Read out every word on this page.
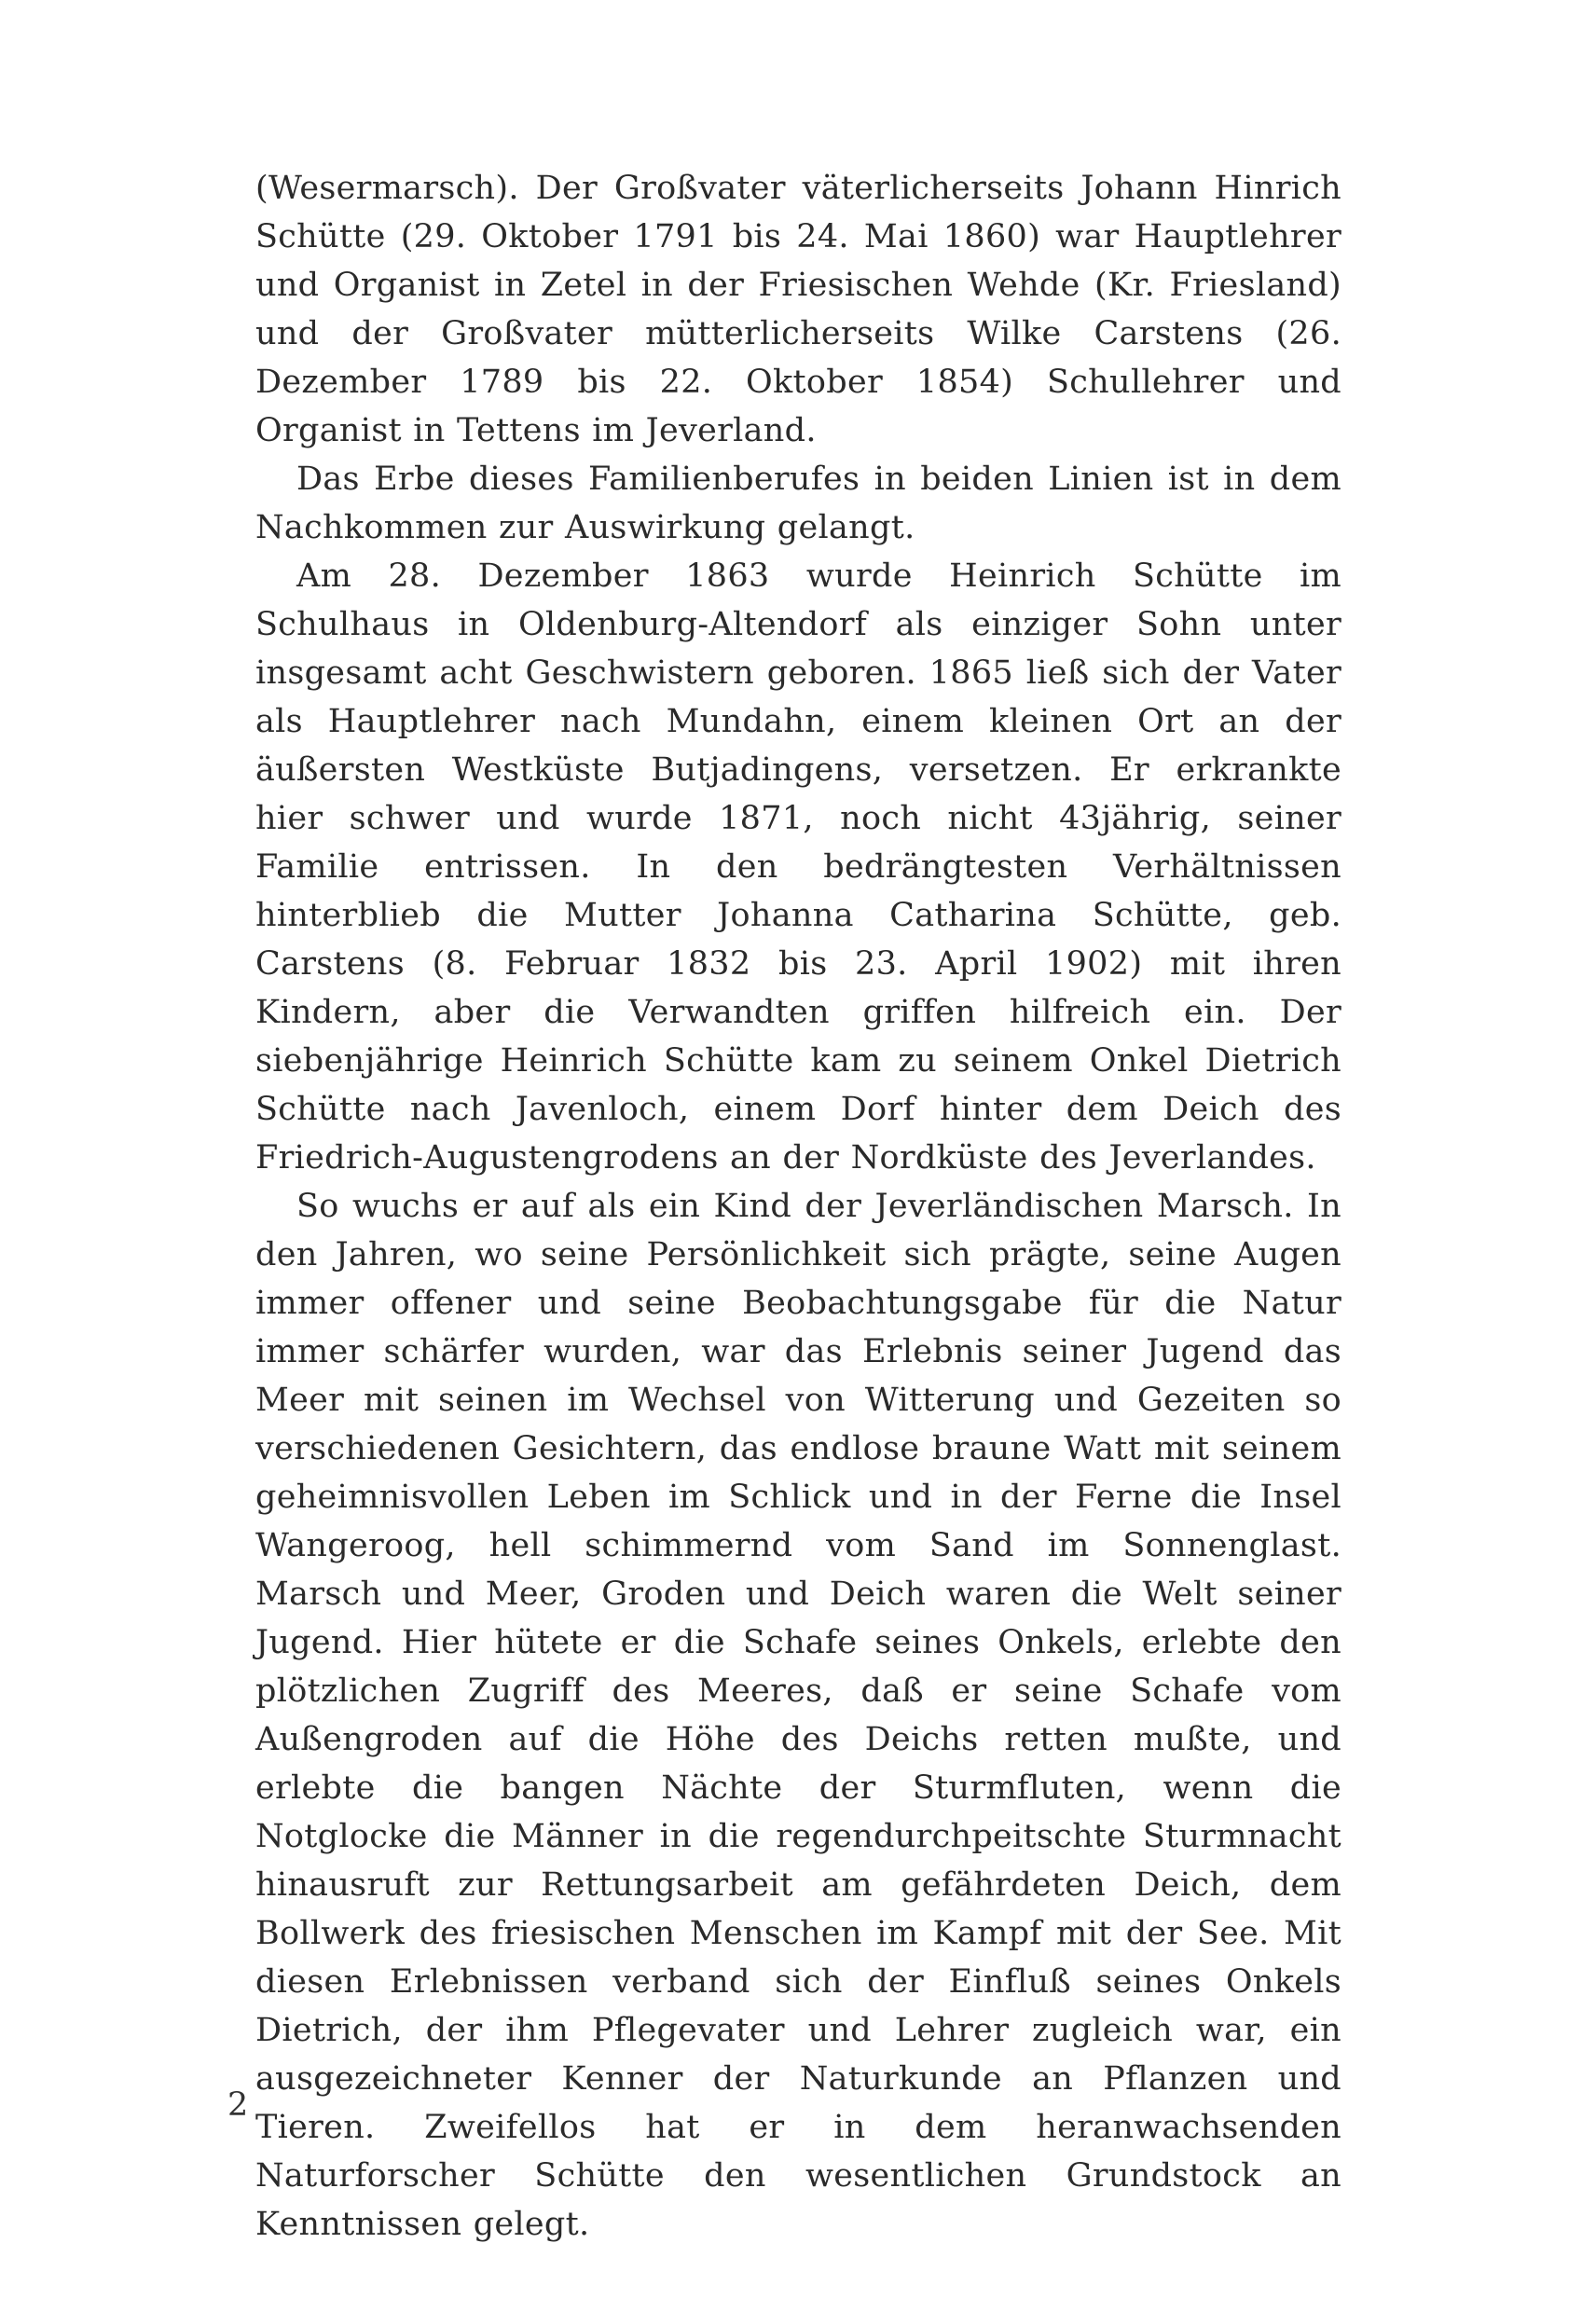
(Wesermarsch). Der Großvater väterlicherseits Johann Hinrich Schütte (29. Oktober 1791 bis 24. Mai 1860) war Hauptlehrer und Organist in Zetel in der Friesischen Wehde (Kr. Friesland) und der Großvater mütterlicherseits Wilke Carstens (26. Dezember 1789 bis 22. Oktober 1854) Schullehrer und Organist in Tettens im Jeverland.

Das Erbe dieses Familienberufes in beiden Linien ist in dem Nachkommen zur Auswirkung gelangt.

Am 28. Dezember 1863 wurde Heinrich Schütte im Schulhaus in Oldenburg-Altendorf als einziger Sohn unter insgesamt acht Geschwistern geboren. 1865 ließ sich der Vater als Hauptlehrer nach Mundahn, einem kleinen Ort an der äußersten Westküste Butjadingens, versetzen. Er erkrankte hier schwer und wurde 1871, noch nicht 43jährig, seiner Familie entrissen. In den bedrängtesten Verhältnissen hinterblieb die Mutter Johanna Catharina Schütte, geb. Carstens (8. Februar 1832 bis 23. April 1902) mit ihren Kindern, aber die Verwandten griffen hilfreich ein. Der siebenjährige Heinrich Schütte kam zu seinem Onkel Dietrich Schütte nach Javenloch, einem Dorf hinter dem Deich des Friedrich-Augustengrodens an der Nordküste des Jeverlandes.

So wuchs er auf als ein Kind der Jeverländischen Marsch. In den Jahren, wo seine Persönlichkeit sich prägte, seine Augen immer offener und seine Beobachtungsgabe für die Natur immer schärfer wurden, war das Erlebnis seiner Jugend das Meer mit seinen im Wechsel von Witterung und Gezeiten so verschiedenen Gesichtern, das endlose braune Watt mit seinem geheimnisvollen Leben im Schlick und in der Ferne die Insel Wangeroog, hell schimmernd vom Sand im Sonnenglast. Marsch und Meer, Groden und Deich waren die Welt seiner Jugend. Hier hütete er die Schafe seines Onkels, erlebte den plötzlichen Zugriff des Meeres, daß er seine Schafe vom Außengroden auf die Höhe des Deichs retten mußte, und erlebte die bangen Nächte der Sturmfluten, wenn die Notglocke die Männer in die regendurchpeitschte Sturmnacht hinausruft zur Rettungsarbeit am gefährdeten Deich, dem Bollwerk des friesischen Menschen im Kampf mit der See. Mit diesen Erlebnissen verband sich der Einfluß seines Onkels Dietrich, der ihm Pflegevater und Lehrer zugleich war, ein ausgezeichneter Kenner der Naturkunde an Pflanzen und Tieren. Zweifellos hat er in dem heranwachsenden Naturforscher Schütte den wesentlichen Grundstock an Kenntnissen gelegt.

2
